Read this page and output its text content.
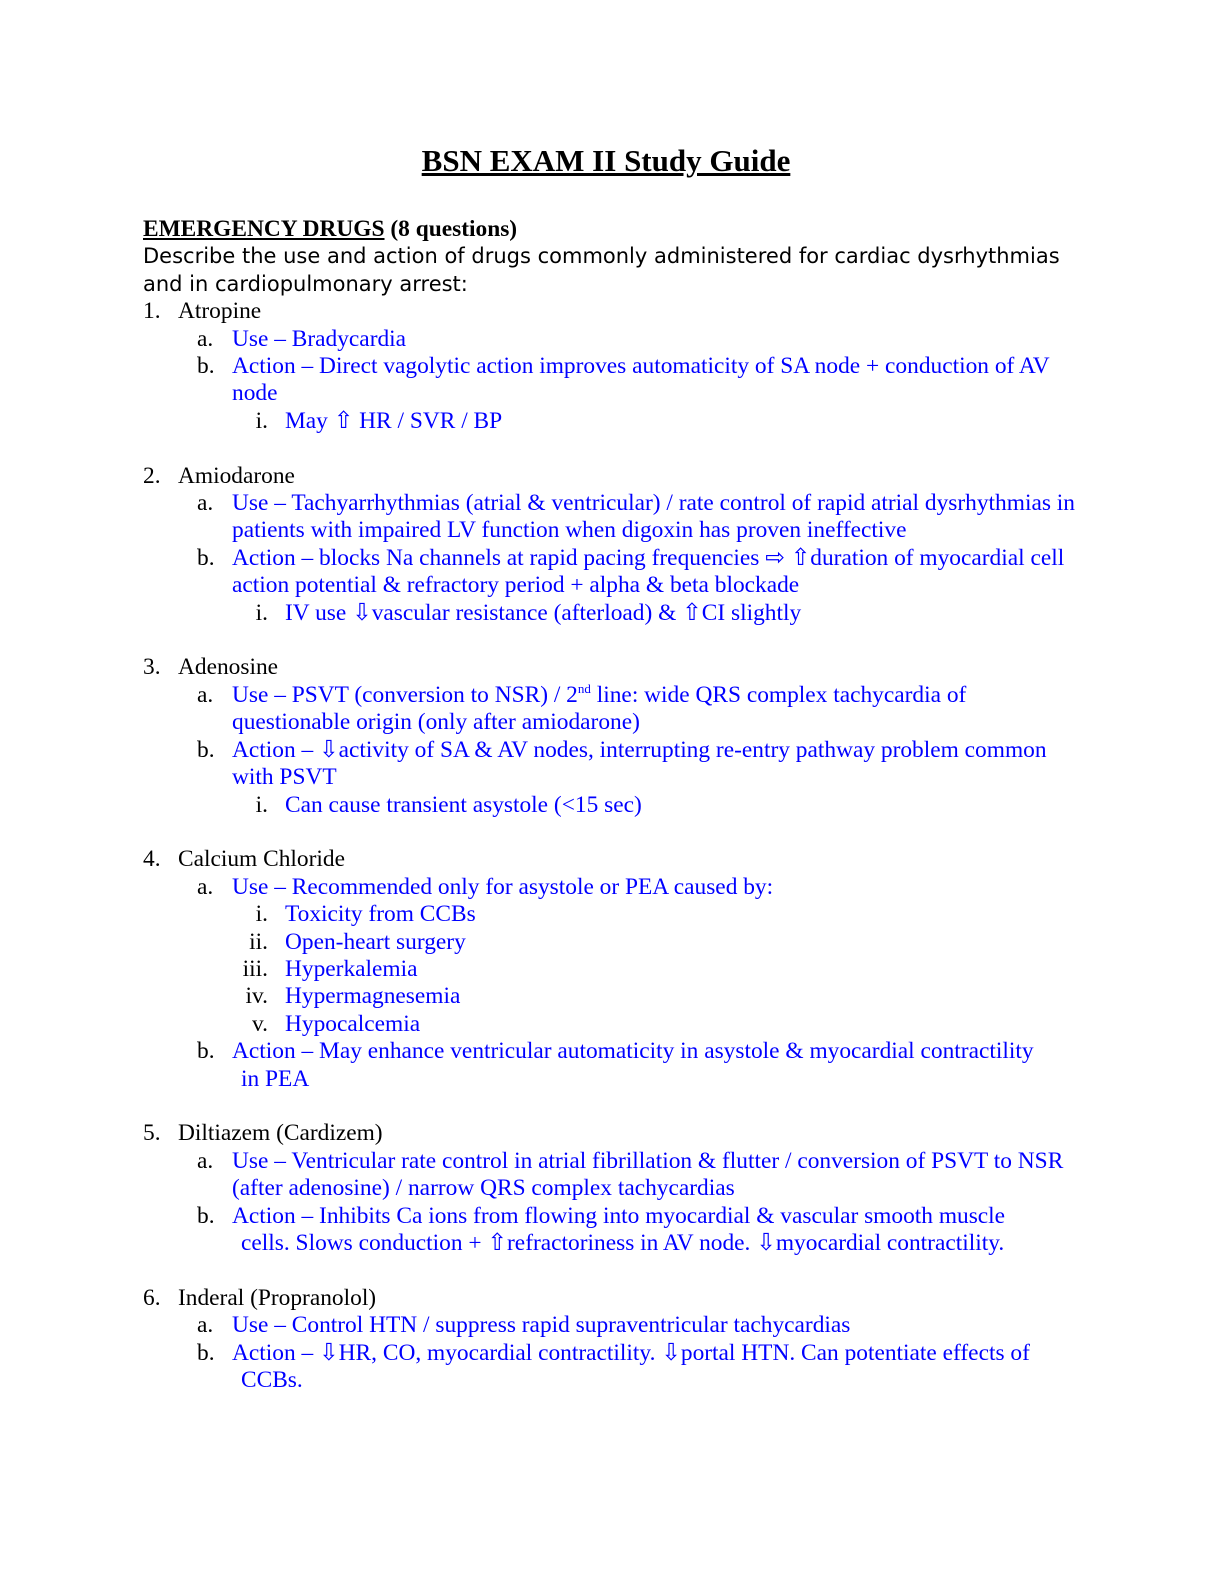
BSN EXAM II Study Guide
EMERGENCY DRUGS (8 questions)
Describe the use and action of drugs commonly administered for cardiac dysrhythmias and in cardiopulmonary arrest:
1. Atropine
a. Use – Bradycardia
b. Action – Direct vagolytic action improves automaticity of SA node + conduction of AV node
i. May ⇧ HR / SVR / BP
2. Amiodarone
a. Use – Tachyarrhythmias (atrial & ventricular) / rate control of rapid atrial dysrhythmias in patients with impaired LV function when digoxin has proven ineffective
b. Action – blocks Na channels at rapid pacing frequencies ⇨ ⇧duration of myocardial cell action potential & refractory period + alpha & beta blockade
i. IV use ⇩vascular resistance (afterload) & ⇧CI slightly
3. Adenosine
a. Use – PSVT (conversion to NSR) / 2nd line: wide QRS complex tachycardia of questionable origin (only after amiodarone)
b. Action – ⇩activity of SA & AV nodes, interrupting re-entry pathway problem common with PSVT
i. Can cause transient asystole (<15 sec)
4. Calcium Chloride
a. Use – Recommended only for asystole or PEA caused by:
i. Toxicity from CCBs
ii. Open-heart surgery
iii. Hyperkalemia
iv. Hypermagnesemia
v. Hypocalcemia
b. Action – May enhance ventricular automaticity in asystole & myocardial contractility
in PEA
5. Diltiazem (Cardizem)
a. Use – Ventricular rate control in atrial fibrillation & flutter / conversion of PSVT to NSR (after adenosine) / narrow QRS complex tachycardias
b. Action – Inhibits Ca ions from flowing into myocardial & vascular smooth muscle
cells. Slows conduction + ⇧refractoriness in AV node. ⇩myocardial contractility.
6. Inderal (Propranolol)
a. Use – Control HTN / suppress rapid supraventricular tachycardias
b. Action – ⇩HR, CO, myocardial contractility. ⇩portal HTN. Can potentiate effects of
CCBs.
